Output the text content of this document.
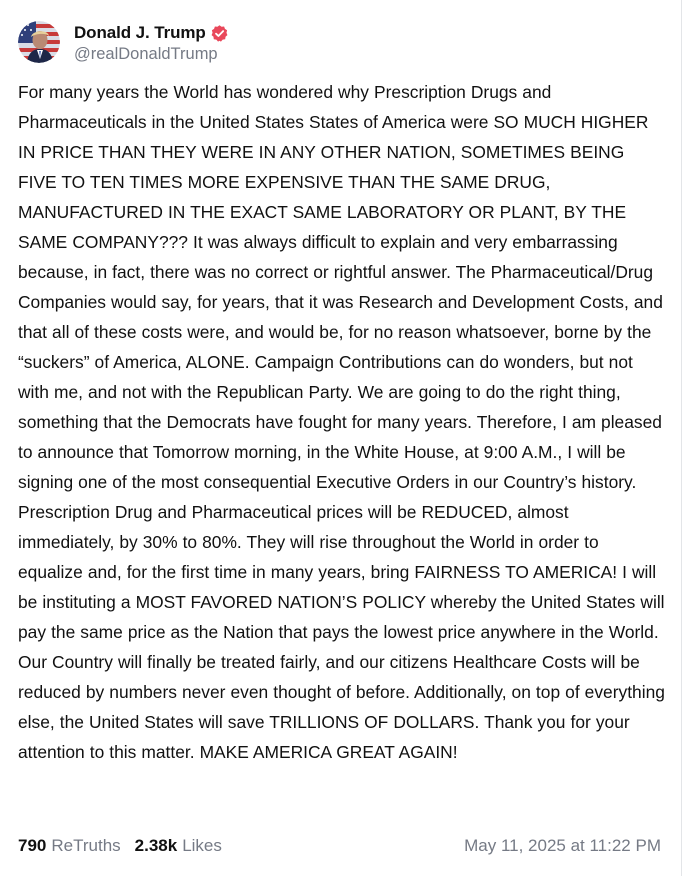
Donald J. Trump
@realDonaldTrump
For many years the World has wondered why Prescription Drugs and Pharmaceuticals in the United States States of America were SO MUCH HIGHER IN PRICE THAN THEY WERE IN ANY OTHER NATION, SOMETIMES BEING FIVE TO TEN TIMES MORE EXPENSIVE THAN THE SAME DRUG, MANUFACTURED IN THE EXACT SAME LABORATORY OR PLANT, BY THE SAME COMPANY??? It was always difficult to explain and very embarrassing because, in fact, there was no correct or rightful answer. The Pharmaceutical/Drug Companies would say, for years, that it was Research and Development Costs, and that all of these costs were, and would be, for no reason whatsoever, borne by the “suckers” of America, ALONE. Campaign Contributions can do wonders, but not with me, and not with the Republican Party. We are going to do the right thing, something that the Democrats have fought for many years. Therefore, I am pleased to announce that Tomorrow morning, in the White House, at 9:00 A.M., I will be signing one of the most consequential Executive Orders in our Country’s history. Prescription Drug and Pharmaceutical prices will be REDUCED, almost immediately, by 30% to 80%. They will rise throughout the World in order to equalize and, for the first time in many years, bring FAIRNESS TO AMERICA! I will be instituting a MOST FAVORED NATION’S POLICY whereby the United States will pay the same price as the Nation that pays the lowest price anywhere in the World. Our Country will finally be treated fairly, and our citizens Healthcare Costs will be reduced by numbers never even thought of before. Additionally, on top of everything else, the United States will save TRILLIONS OF DOLLARS. Thank you for your attention to this matter. MAKE AMERICA GREAT AGAIN!
790 ReTruths 2.38k Likes	May 11, 2025 at 11:22 PM
